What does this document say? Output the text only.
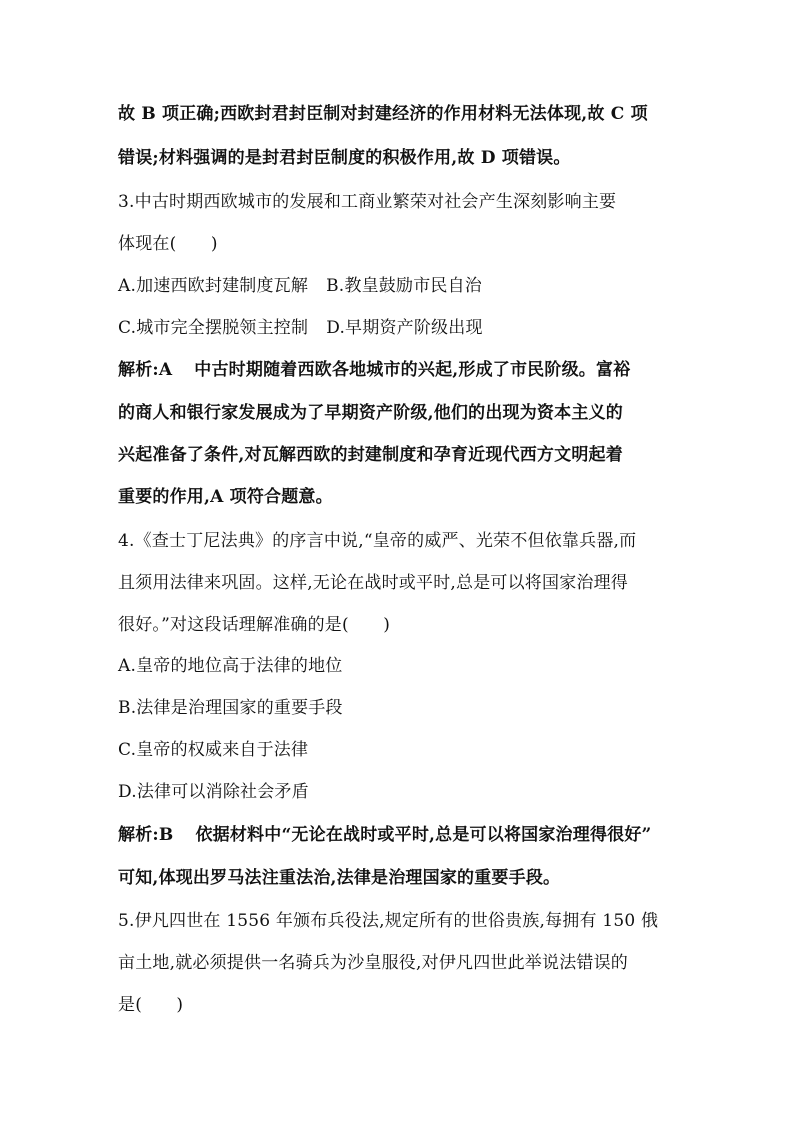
故 B 项正确;西欧封君封臣制对封建经济的作用材料无法体现,故 C 项
错误;材料强调的是封君封臣制度的积极作用,故 D 项错误。
3.中古时期西欧城市的发展和工商业繁荣对社会产生深刻影响主要
体现在(　　)
A.加速西欧封建制度瓦解 B.教皇鼓励市民自治
C.城市完全摆脱领主控制 D.早期资产阶级出现
解析:A 中古时期随着西欧各地城市的兴起,形成了市民阶级。富裕
的商人和银行家发展成为了早期资产阶级,他们的出现为资本主义的
兴起准备了条件,对瓦解西欧的封建制度和孕育近现代西方文明起着
重要的作用,A 项符合题意。
4.《查士丁尼法典》的序言中说,“皇帝的威严、光荣不但依靠兵器,而
且须用法律来巩固。这样,无论在战时或平时,总是可以将国家治理得
很好。”对这段话理解准确的是(　　)
A.皇帝的地位高于法律的地位
B.法律是治理国家的重要手段
C.皇帝的权威来自于法律
D.法律可以消除社会矛盾
解析:B 依据材料中“无论在战时或平时,总是可以将国家治理得很好”
可知,体现出罗马法注重法治,法律是治理国家的重要手段。
5.伊凡四世在 1556 年颁布兵役法,规定所有的世俗贵族,每拥有 150 俄
亩土地,就必须提供一名骑兵为沙皇服役,对伊凡四世此举说法错误的
是(　　)
